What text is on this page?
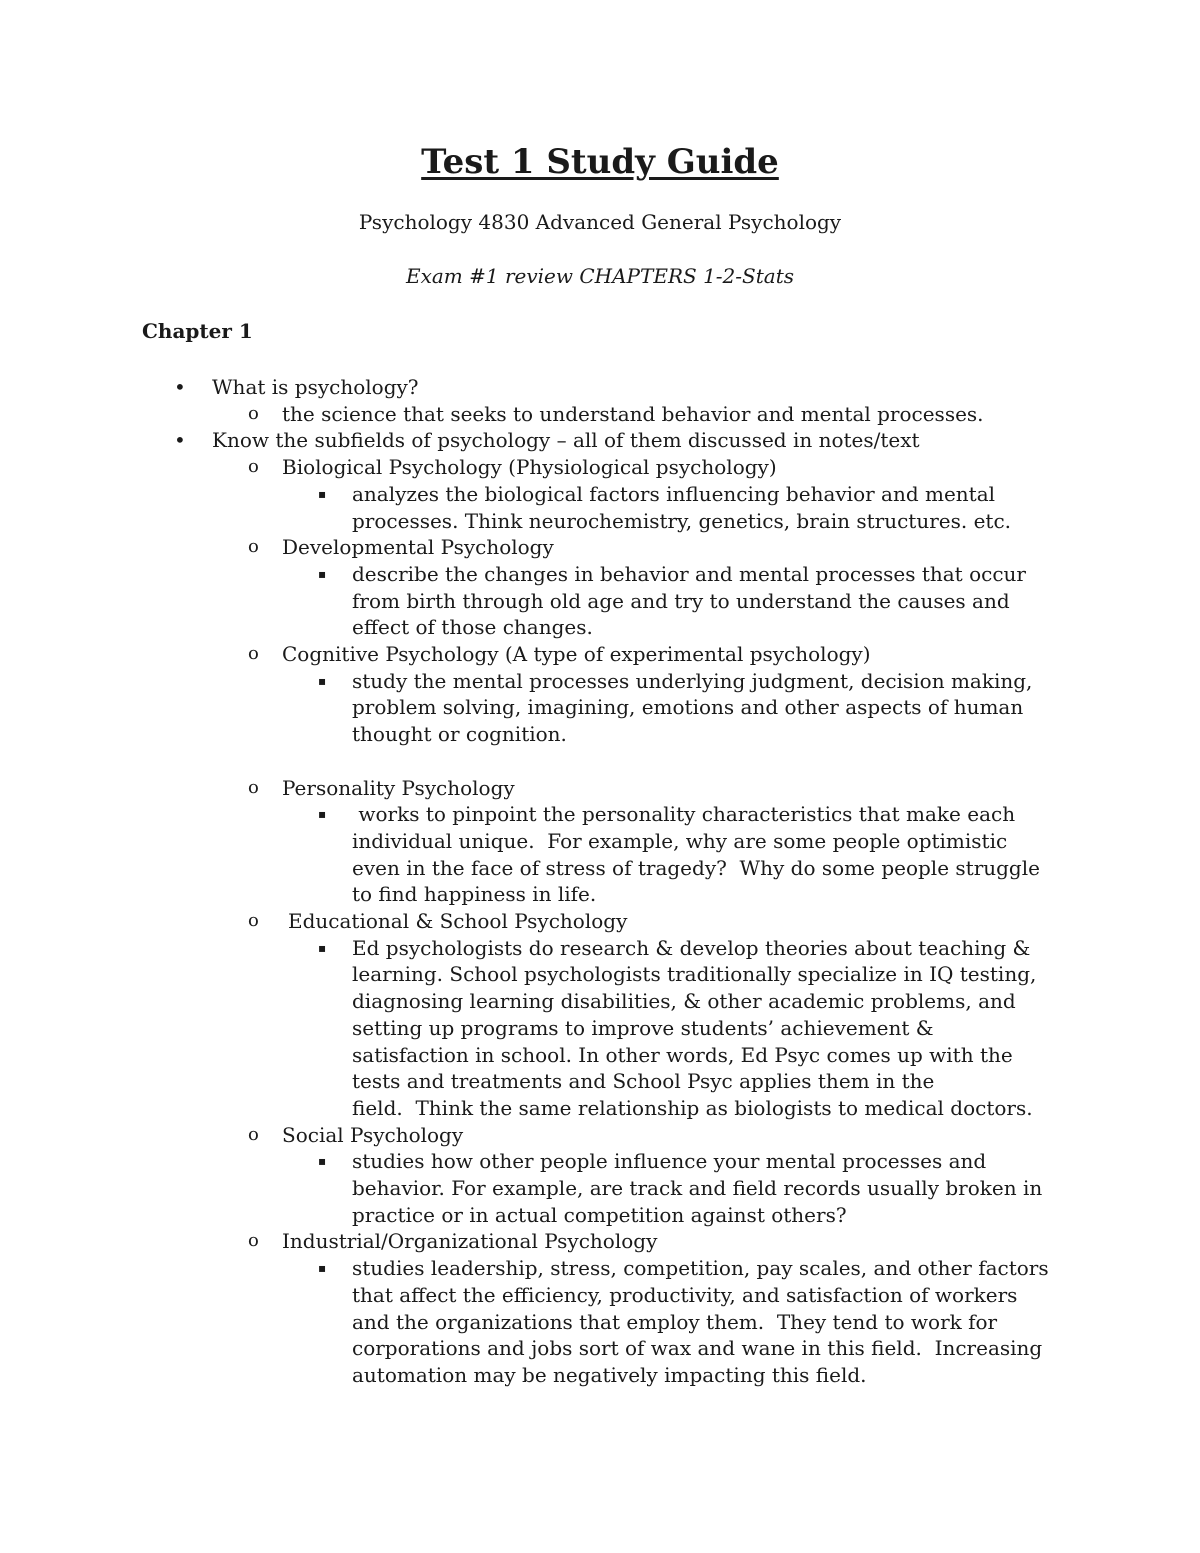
Test 1 Study Guide
Psychology 4830 Advanced General Psychology
Exam #1 review CHAPTERS 1-2-Stats
Chapter 1
• What is psychology?
o the science that seeks to understand behavior and mental processes.
• Know the subfields of psychology – all of them discussed in notes/text
o Biological Psychology (Physiological psychology)
▪ analyzes the biological factors influencing behavior and mental
processes. Think neurochemistry, genetics, brain structures. etc.
o Developmental Psychology
▪ describe the changes in behavior and mental processes that occur
from birth through old age and try to understand the causes and
effect of those changes.
o Cognitive Psychology (A type of experimental psychology)
▪ study the mental processes underlying judgment, decision making,
problem solving, imagining, emotions and other aspects of human
thought or cognition.
o Personality Psychology
▪ works to pinpoint the personality characteristics that make each
individual unique.  For example, why are some people optimistic
even in the face of stress of tragedy?  Why do some people struggle
to find happiness in life.
o Educational & School Psychology
▪ Ed psychologists do research & develop theories about teaching &
learning. School psychologists traditionally specialize in IQ testing,
diagnosing learning disabilities, & other academic problems, and
setting up programs to improve students’ achievement &
satisfaction in school. In other words, Ed Psyc comes up with the
tests and treatments and School Psyc applies them in the
field.  Think the same relationship as biologists to medical doctors.
o Social Psychology
▪ studies how other people influence your mental processes and
behavior. For example, are track and field records usually broken in
practice or in actual competition against others?
o Industrial/Organizational Psychology
▪ studies leadership, stress, competition, pay scales, and other factors
that affect the efficiency, productivity, and satisfaction of workers
and the organizations that employ them.  They tend to work for
corporations and jobs sort of wax and wane in this field.  Increasing
automation may be negatively impacting this field.
